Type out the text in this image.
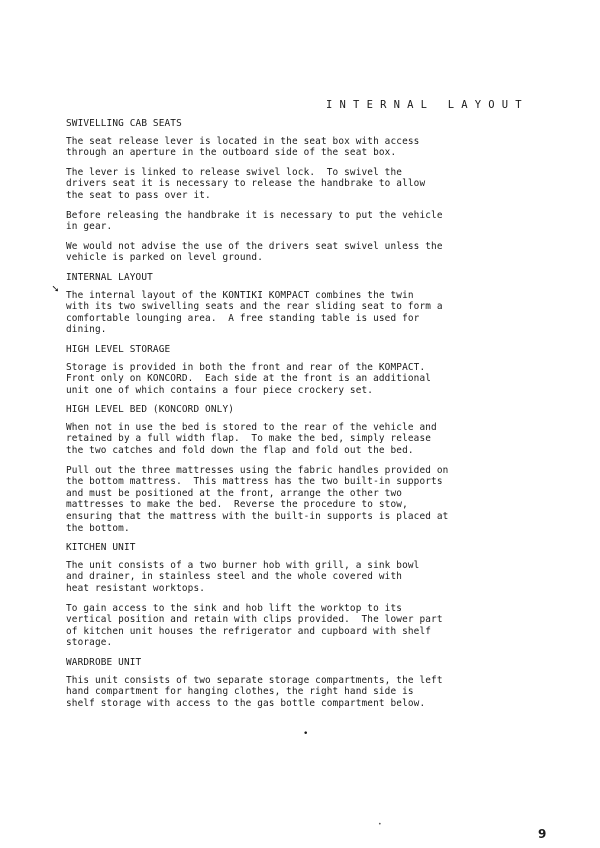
INTERNAL LAYOUT
➘
SWIVELLING CAB SEATS
The seat release lever is located in the seat box with access
through an aperture in the outboard side of the seat box.
The lever is linked to release swivel lock.  To swivel the
drivers seat it is necessary to release the handbrake to allow
the seat to pass over it.
Before releasing the handbrake it is necessary to put the vehicle
in gear.
We would not advise the use of the drivers seat swivel unless the
vehicle is parked on level ground.
INTERNAL LAYOUT
The internal layout of the KONTIKI KOMPACT combines the twin
with its two swivelling seats and the rear sliding seat to form a
comfortable lounging area.  A free standing table is used for
dining.
HIGH LEVEL STORAGE
Storage is provided in both the front and rear of the KOMPACT.
Front only on KONCORD.  Each side at the front is an additional
unit one of which contains a four piece crockery set.
HIGH LEVEL BED (KONCORD ONLY)
When not in use the bed is stored to the rear of the vehicle and
retained by a full width flap.  To make the bed, simply release
the two catches and fold down the flap and fold out the bed.
Pull out the three mattresses using the fabric handles provided on
the bottom mattress.  This mattress has the two built-in supports
and must be positioned at the front, arrange the other two
mattresses to make the bed.  Reverse the procedure to stow,
ensuring that the mattress with the built-in supports is placed at
the bottom.
KITCHEN UNIT
The unit consists of a two burner hob with grill, a sink bowl
and drainer, in stainless steel and the whole covered with
heat resistant worktops.
To gain access to the sink and hob lift the worktop to its
vertical position and retain with clips provided.  The lower part
of kitchen unit houses the refrigerator and cupboard with shelf
storage.
WARDROBE UNIT
This unit consists of two separate storage compartments, the left
hand compartment for hanging clothes, the right hand side is
shelf storage with access to the gas bottle compartment below.
•
•
9
